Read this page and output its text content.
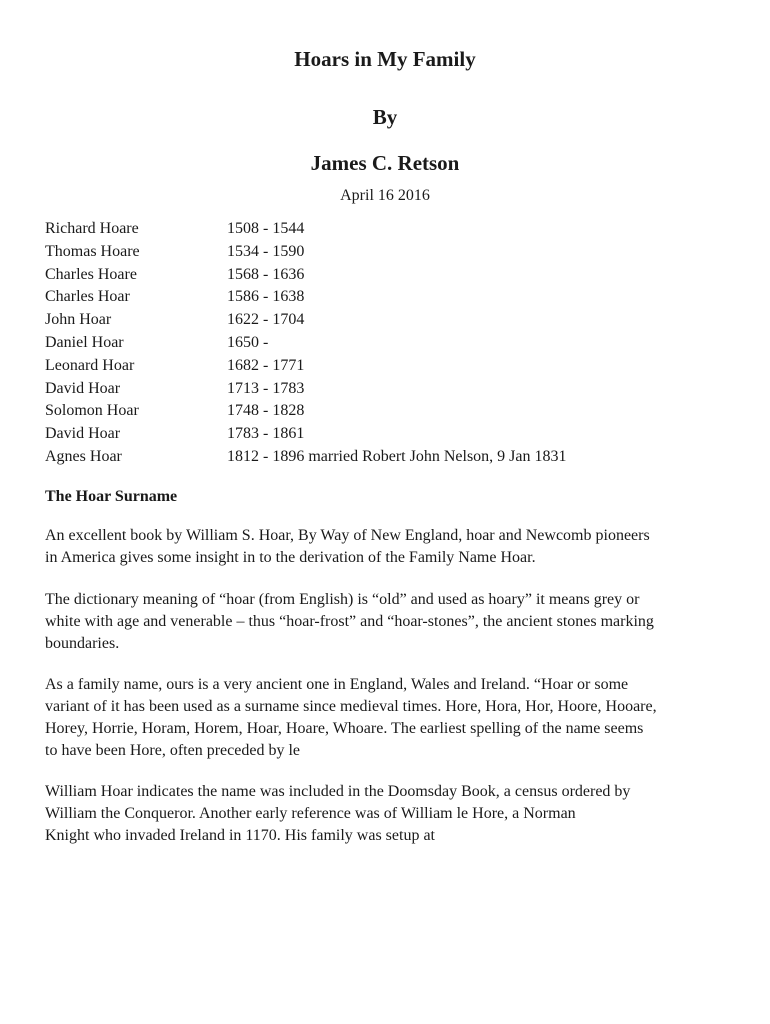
Hoars in My Family
By
James C. Retson
April 16 2016
Richard Hoare	1508 - 1544
Thomas Hoare	1534 - 1590
Charles Hoare	1568 - 1636
Charles Hoar	1586 - 1638
John Hoar	1622 - 1704
Daniel Hoar	1650 -
Leonard Hoar	1682 - 1771
David Hoar	1713 - 1783
Solomon Hoar	1748 - 1828
David Hoar	1783 - 1861
Agnes Hoar	1812 - 1896 married Robert John Nelson, 9 Jan 1831
The Hoar Surname

An excellent book by William S. Hoar, By Way of New England, hoar and Newcomb pioneers
in America gives some insight in to the derivation of the Family Name Hoar.

The dictionary meaning of “hoar (from English) is “old” and used as hoary” it means grey or
white with age and venerable – thus “hoar-frost” and “hoar-stones”, the ancient stones marking
boundaries.

As a family name, ours is a very ancient one in England, Wales and Ireland. “Hoar or some
variant of it has been used as a surname since medieval times. Hore, Hora, Hor, Hoore, Hooare,
Horey, Horrie, Horam, Horem, Hoar, Hoare, Whoare. The earliest spelling of the name seems
to have been Hore, often preceded by le

William Hoar indicates the name was included in the Doomsday Book, a census ordered by
William the Conqueror. Another early reference was of William le Hore, a Norman
Knight who invaded Ireland in 1170. His family was setup at
